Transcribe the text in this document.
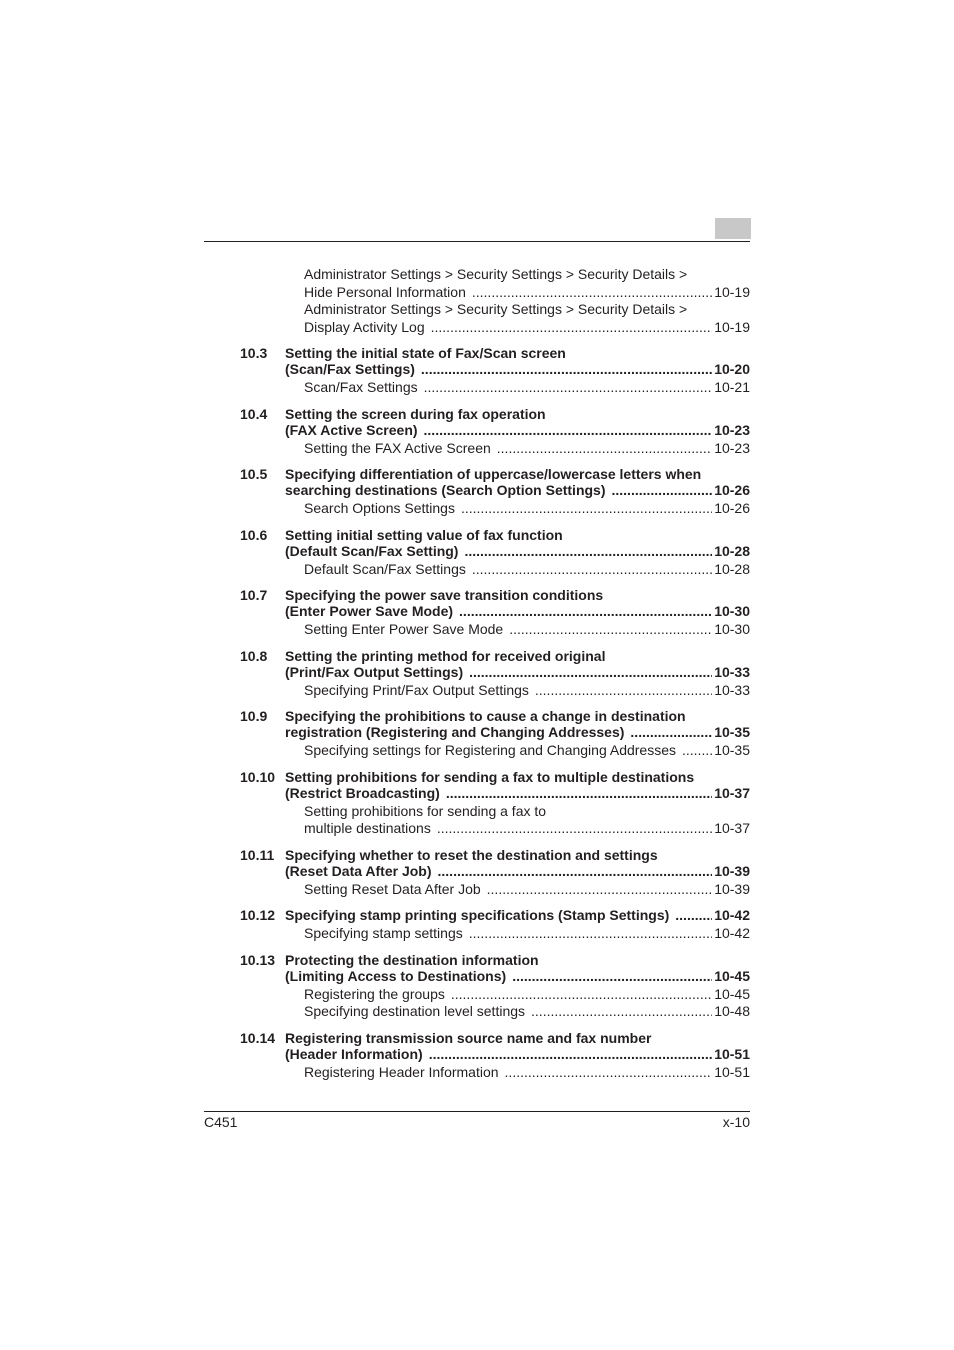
Administrator Settings > Security Settings > Security Details >
Hide Personal Information .....	10-19
Administrator Settings > Security Settings > Security Details >
Display Activity Log .....	10-19
10.3 Setting the initial state of Fax/Scan screen
(Scan/Fax Settings) .....	10-20
Scan/Fax Settings .....	10-21
10.4 Setting the screen during fax operation
(FAX Active Screen) .....	10-23
Setting the FAX Active Screen .....	10-23
10.5 Specifying differentiation of uppercase/lowercase letters when
searching destinations (Search Option Settings) .....	10-26
Search Options Settings .....	10-26
10.6 Setting initial setting value of fax function
(Default Scan/Fax Setting) .....	10-28
Default Scan/Fax Settings .....	10-28
10.7 Specifying the power save transition conditions
(Enter Power Save Mode) .....	10-30
Setting Enter Power Save Mode .....	10-30
10.8 Setting the printing method for received original
(Print/Fax Output Settings) .....	10-33
Specifying Print/Fax Output Settings .....	10-33
10.9 Specifying the prohibitions to cause a change in destination
registration (Registering and Changing Addresses) .....	10-35
Specifying settings for Registering and Changing Addresses .....	10-35
10.10 Setting prohibitions for sending a fax to multiple destinations
(Restrict Broadcasting) .....	10-37
Setting prohibitions for sending a fax to
multiple destinations .....	10-37
10.11 Specifying whether to reset the destination and settings
(Reset Data After Job) .....	10-39
Setting Reset Data After Job .....	10-39
10.12 Specifying stamp printing specifications (Stamp Settings) .....	10-42
Specifying stamp settings .....	10-42
10.13 Protecting the destination information
(Limiting Access to Destinations) .....	10-45
Registering the groups .....	10-45
Specifying destination level settings .....	10-48
10.14 Registering transmission source name and fax number
(Header Information) .....	10-51
Registering Header Information .....	10-51
C451	x-10
